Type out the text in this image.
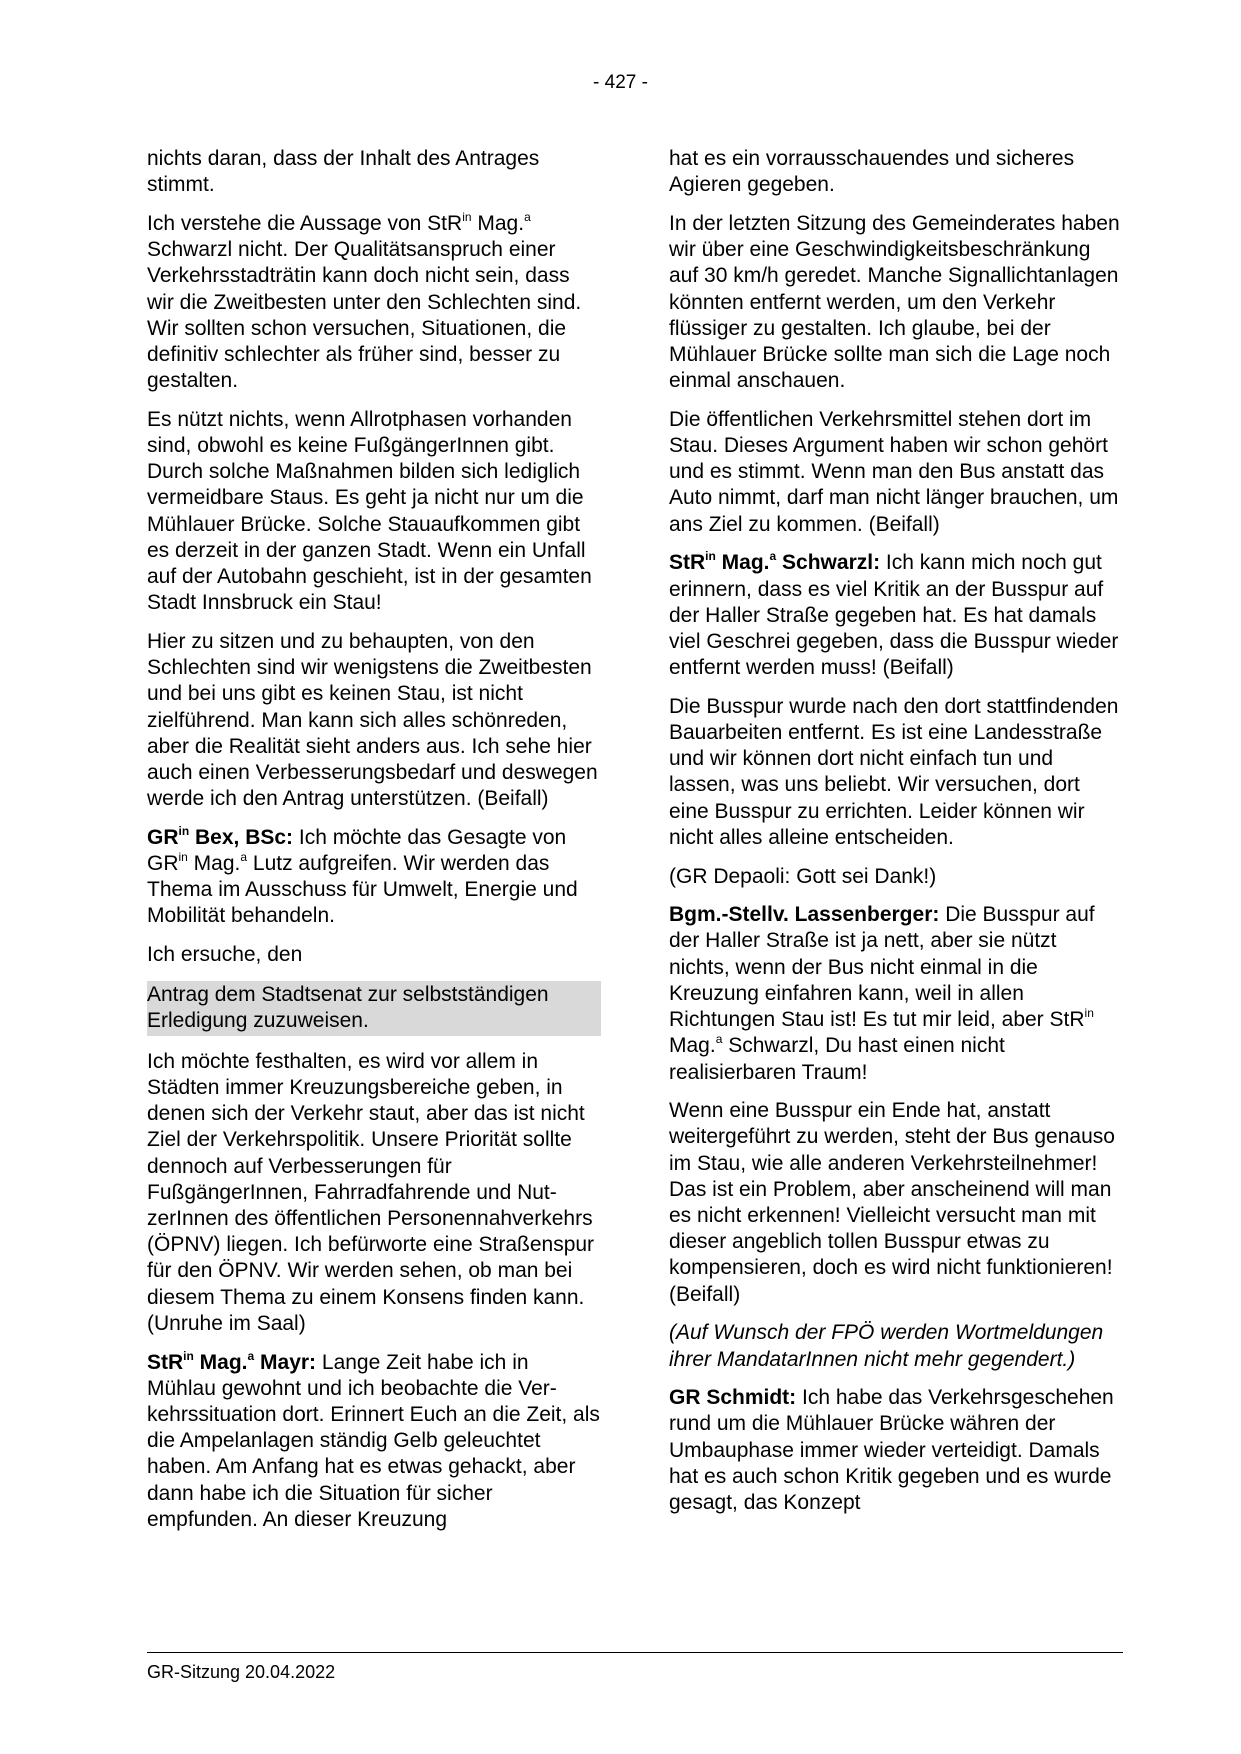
- 427 -

nichts daran, dass der Inhalt des Antrages stimmt.

Ich verstehe die Aussage von StR$^{in}$ Mag.$^a$ Schwarzl nicht. Der Qualitätsanspruch einer Verkehrsstadträtin kann doch nicht sein, dass wir die Zweitbesten unter den Schlechten sind. Wir sollten schon versuchen, Situationen, die definitiv schlechter als früher sind, besser zu gestalten.

Es nützt nichts, wenn Allrotphasen vorhanden sind, obwohl es keine FußgängerInnen gibt. Durch solche Maßnahmen bilden sich lediglich vermeidbare Staus. Es geht ja nicht nur um die Mühlauer Brücke. Solche Stauaufkommen gibt es derzeit in der ganzen Stadt. Wenn ein Unfall auf der Autobahn geschieht, ist in der gesamten Stadt Innsbruck ein Stau!

Hier zu sitzen und zu behaupten, von den Schlechten sind wir wenigstens die Zweitbesten und bei uns gibt es keinen Stau, ist nicht zielführend. Man kann sich alles schönreden, aber die Realität sieht anders aus. Ich sehe hier auch einen Verbesserungsbedarf und deswegen werde ich den Antrag unterstützen. (Beifall)

$GR^{in}$ Bex, BSc: Ich möchte das Gesagte von $GR^{in}$ Mag.$^a$ Lutz aufgreifen. Wir werden das Thema im Ausschuss für Umwelt, Energie und Mobilität behandeln.

Ich ersuche, den

Antrag dem Stadtsenat zur selbstständigen Erledigung zuzuweisen.

Ich möchte festhalten, es wird vor allem in Städten immer Kreuzungsbereiche geben, in denen sich der Verkehr staut, aber das ist nicht Ziel der Verkehrspolitik. Unsere Priorität sollte dennoch auf Verbesserungen für FußgängerInnen, Fahrradfahrende und NutzerInnen des öffentlichen Personennahverkehrs (ÖPNV) liegen. Ich befürworte eine Straßenspur für den ÖPNV. Wir werden sehen, ob man bei diesem Thema zu einem Konsens finden kann. (Unruhe im Saal)

StR$^{in}$ Mag.$^a$ Mayr: Lange Zeit habe ich in Mühlau gewohnt und ich beobachte die Verkehrssituation dort. Erinnert Euch an die Zeit, als die Ampelanlagen ständig Gelb geleuchtet haben. Am Anfang hat es etwas gehackt, aber dann habe ich die Situation für sicher empfunden. An dieser Kreuzung

hat es ein vorrausschauendes und sicheres Agieren gegeben.

In der letzten Sitzung des Gemeinderates haben wir über eine Geschwindigkeitsbeschränkung auf 30 km/h geredet. Manche Signallichtanlagen könnten entfernt werden, um den Verkehr flüssiger zu gestalten. Ich glaube, bei der Mühlauer Brücke sollte man sich die Lage noch einmal anschauen.

Die öffentlichen Verkehrsmittel stehen dort im Stau. Dieses Argument haben wir schon gehört und es stimmt. Wenn man den Bus anstatt das Auto nimmt, darf man nicht länger brauchen, um ans Ziel zu kommen. (Beifall)

StR$^{in}$ Mag.$^a$ Schwarzl: Ich kann mich noch gut erinnern, dass es viel Kritik an der Busspur auf der Haller Straße gegeben hat. Es hat damals viel Geschrei gegeben, dass die Busspur wieder entfernt werden muss! (Beifall)

Die Busspur wurde nach den dort stattfindenden Bauarbeiten entfernt. Es ist eine Landesstraße und wir können dort nicht einfach tun und lassen, was uns beliebt. Wir versuchen, dort eine Busspur zu errichten. Leider können wir nicht alles alleine entscheiden.

(GR Depaoli: Gott sei Dank!)

Bgm.-Stellv. Lassenberger: Die Busspur auf der Haller Straße ist ja nett, aber sie nützt nichts, wenn der Bus nicht einmal in die Kreuzung einfahren kann, weil in allen Richtungen Stau ist! Es tut mir leid, aber StR$^{in}$ Mag.$^a$ Schwarzl, Du hast einen nicht realisierbaren Traum!

Wenn eine Busspur ein Ende hat, anstatt weitergeführt zu werden, steht der Bus genauso im Stau, wie alle anderen Verkehrsteilnehmer! Das ist ein Problem, aber anscheinend will man es nicht erkennen! Vielleicht versucht man mit dieser angeblich tollen Busspur etwas zu kompensieren, doch es wird nicht funktionieren! (Beifall)

(Auf Wunsch der FPÖ werden Wortmeldungen ihrer MandatarInnen nicht mehr gegendert.)

GR Schmidt: Ich habe das Verkehrsgeschehen rund um die Mühlauer Brücke währen der Umbauphase immer wieder verteidigt. Damals hat es auch schon Kritik gegeben und es wurde gesagt, das Konzept

GR-Sitzung 20.04.2022
